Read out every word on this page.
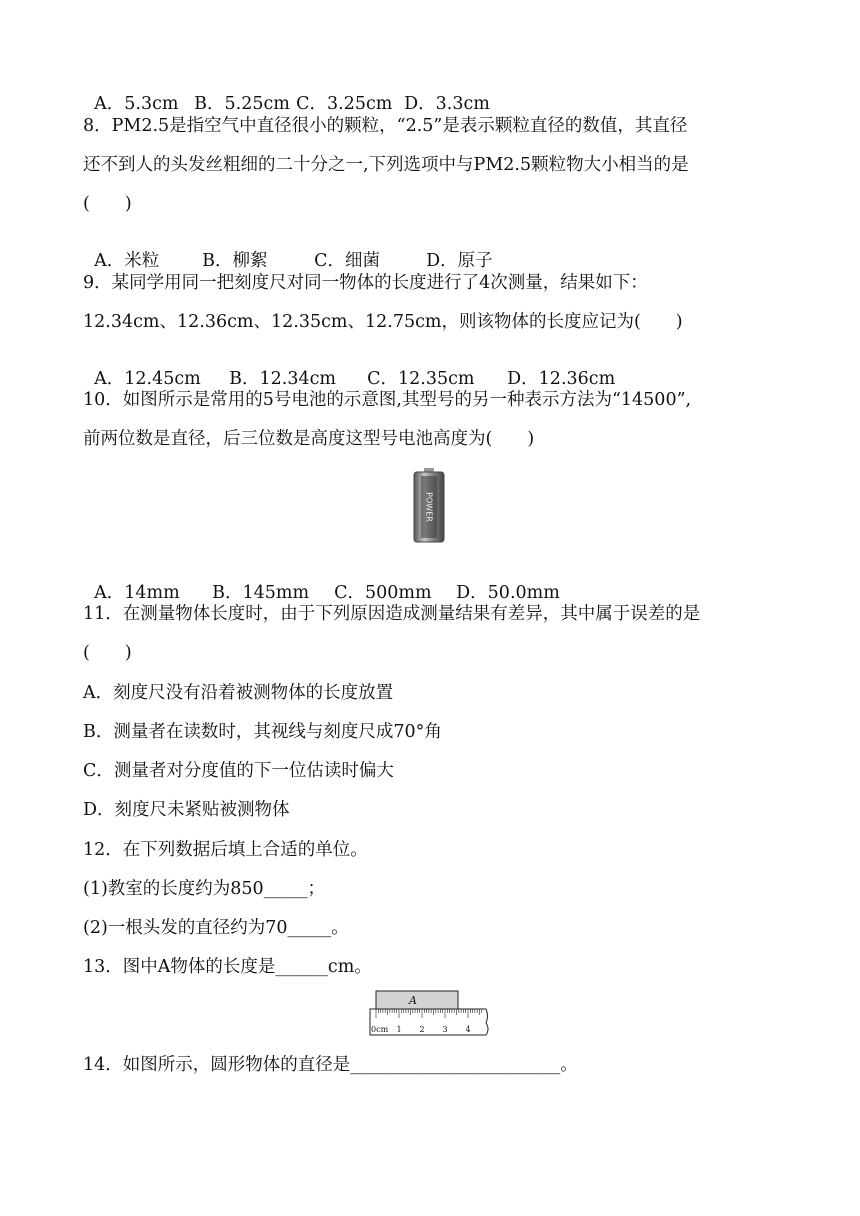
A．5.3cm B．5.25cm C．3.25cm D．3.3cm

8．PM2.5是指空气中直径很小的颗粒，“2.5”是表示颗粒直径的数值，其直径
还不到人的头发丝粗细的二十分之一,下列选项中与PM2.5颗粒物大小相当的是
(　　)

A．米粒 B．柳絮	C．细菌	D．原子

9．某同学用同一把刻度尺对同一物体的长度进行了4次测量，结果如下：
12.34cm、12.36cm、12.35cm、12.75cm，则该物体的长度应记为(　　)

A．12.45cm B．12.34cm C．12.35cm D．12.36cm

10．如图所示是常用的5号电池的示意图,其型号的另一种表示方法为“14500”,
前两位数是直径，后三位数是高度这型号电池高度为(　　)
POWER

A．14mm B．145mm C．500mm D．50.0mm

11．在测量物体长度时，由于下列原因造成测量结果有差异，其中属于误差的是
(　　)
A．刻度尺没有沿着被测物体的长度放置
B．测量者在读数时，其视线与刻度尺成70°角
C．测量者对分度值的下一位估读时偏大
D．刻度尺未紧贴被测物体
12．在下列数据后填上合适的单位。
(1)教室的长度约为850_____；
(2)一根头发的直径约为70_____。
13．图中A物体的长度是______cm。
A
0cm 1 2 3 4
14．如图所示，圆形物体的直径是________________________。
